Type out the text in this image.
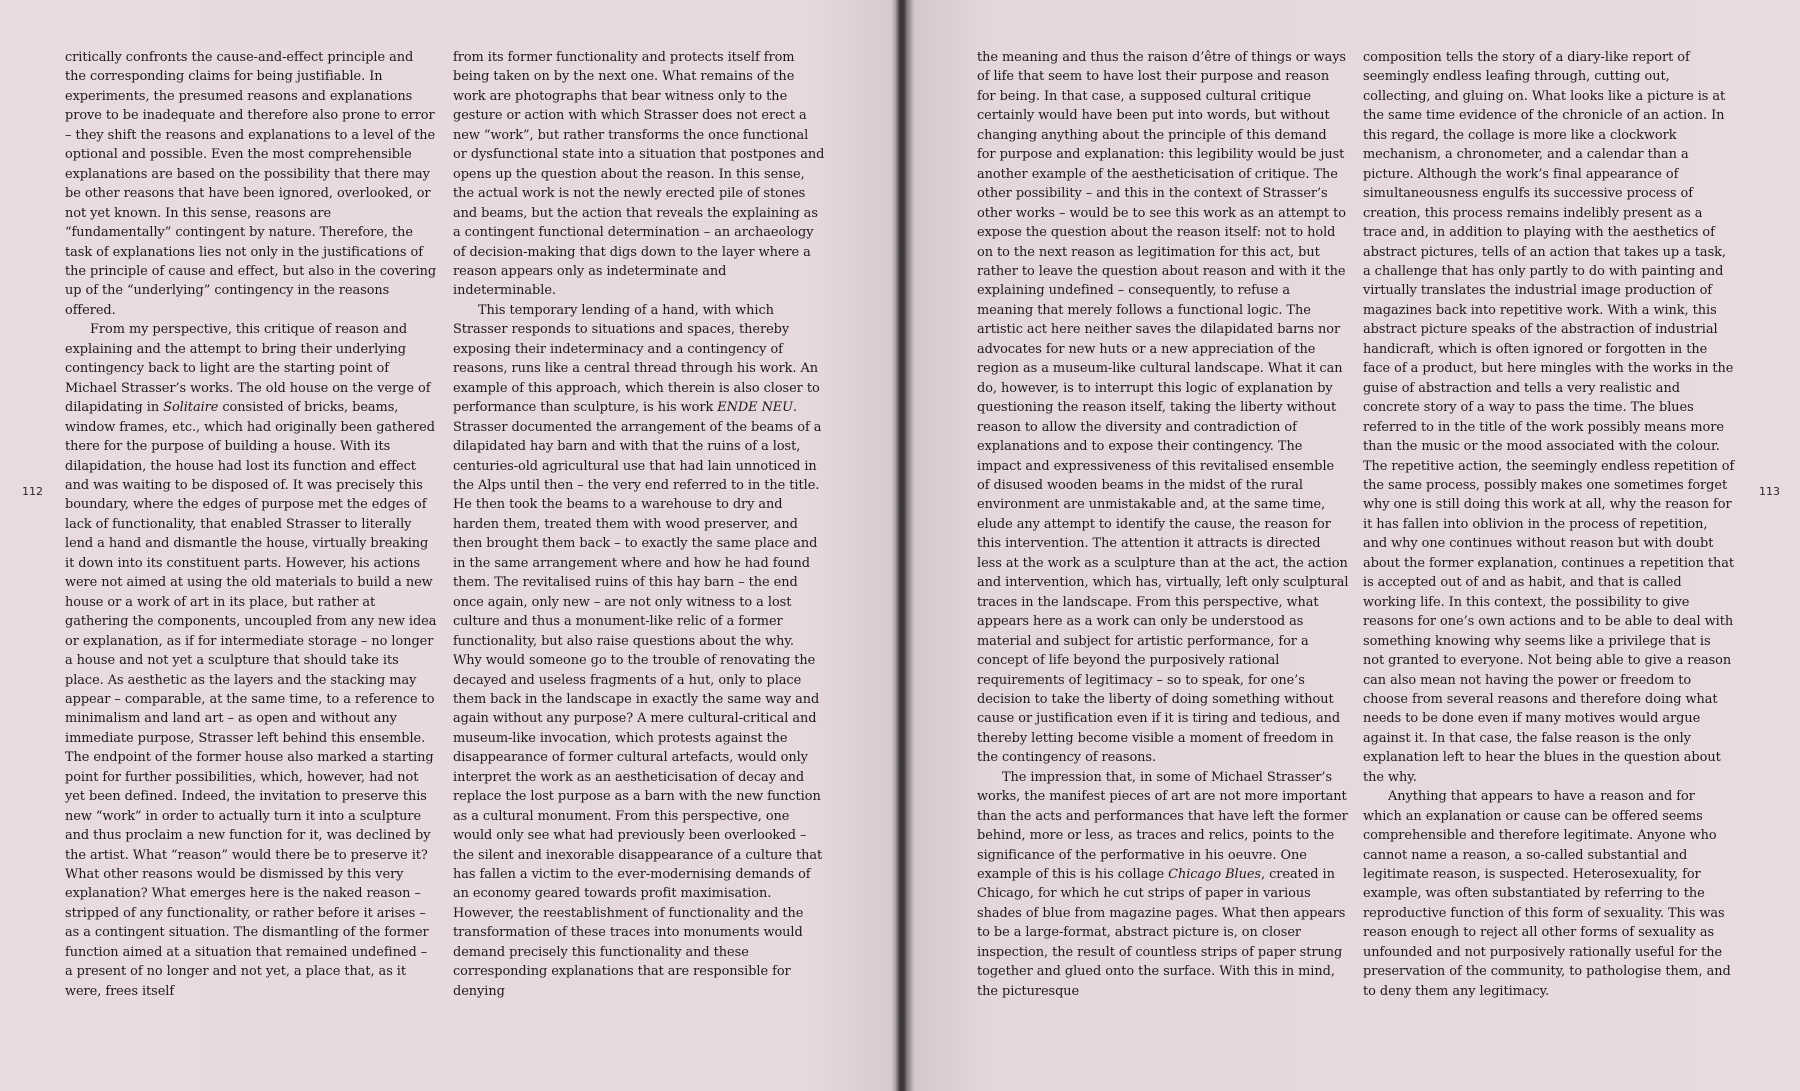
112

critically confronts the cause-and-effect principle and the corresponding claims for being justifiable. In experiments, the presumed reasons and explanations prove to be inadequate and therefore also prone to error – they shift the reasons and explanations to a level of the optional and possible. Even the most comprehensible explanations are based on the possibility that there may be other reasons that have been ignored, overlooked, or not yet known. In this sense, reasons are “fundamentally” contingent by nature. Therefore, the task of explanations lies not only in the justifications of the principle of cause and effect, but also in the covering up of the “underlying” contingency in the reasons offered.

From my perspective, this critique of reason and explaining and the attempt to bring their underlying contingency back to light are the starting point of Michael Strasser’s works. The old house on the verge of dilapidating in Solitaire consisted of bricks, beams, window frames, etc., which had originally been gathered there for the purpose of building a house. With its dilapidation, the house had lost its function and effect and was waiting to be disposed of. It was precisely this boundary, where the edges of purpose met the edges of lack of functionality, that enabled Strasser to literally lend a hand and dismantle the house, virtually breaking it down into its constituent parts. However, his actions were not aimed at using the old materials to build a new house or a work of art in its place, but rather at gathering the components, uncoupled from any new idea or explanation, as if for intermediate storage – no longer a house and not yet a sculpture that should take its place. As aesthetic as the layers and the stacking may appear – comparable, at the same time, to a reference to minimalism and land art – as open and without any immediate purpose, Strasser left behind this ensemble. The endpoint of the former house also marked a starting point for further possibilities, which, however, had not yet been defined. Indeed, the invitation to preserve this new “work” in order to actually turn it into a sculpture and thus proclaim a new function for it, was declined by the artist. What “reason” would there be to preserve it? What other reasons would be dismissed by this very explanation? What emerges here is the naked reason – stripped of any functionality, or rather before it arises – as a contingent situation. The dismantling of the former function aimed at a situation that remained undefined – a present of no longer and not yet, a place that, as it were, frees itself

from its former functionality and protects itself from being taken on by the next one. What remains of the work are photographs that bear witness only to the gesture or action with which Strasser does not erect a new “work”, but rather transforms the once functional or dysfunctional state into a situation that postpones and opens up the question about the reason. In this sense, the actual work is not the newly erected pile of stones and beams, but the action that reveals the explaining as a contingent functional determination – an archaeology of decision-making that digs down to the layer where a reason appears only as indeterminate and indeterminable.

This temporary lending of a hand, with which Strasser responds to situations and spaces, thereby exposing their indeterminacy and a contingency of reasons, runs like a central thread through his work. An example of this approach, which therein is also closer to performance than sculpture, is his work ENDE NEU. Strasser documented the arrangement of the beams of a dilapidated hay barn and with that the ruins of a lost, centuries-old agricultural use that had lain unnoticed in the Alps until then – the very end referred to in the title. He then took the beams to a warehouse to dry and harden them, treated them with wood preserver, and then brought them back – to exactly the same place and in the same arrangement where and how he had found them. The revitalised ruins of this hay barn – the end once again, only new – are not only witness to a lost culture and thus a monument-like relic of a former functionality, but also raise questions about the why. Why would someone go to the trouble of renovating the decayed and useless fragments of a hut, only to place them back in the landscape in exactly the same way and again without any purpose? A mere cultural-critical and museum-like invocation, which protests against the disappearance of former cultural artefacts, would only interpret the work as an aestheticisation of decay and replace the lost purpose as a barn with the new function as a cultural monument. From this perspective, one would only see what had previously been overlooked – the silent and inexorable disappearance of a culture that has fallen a victim to the ever-modernising demands of an economy geared towards profit maximisation. However, the reestablishment of functionality and the transformation of these traces into monuments would demand precisely this functionality and these corresponding explanations that are responsible for denying

the meaning and thus the raison d’être of things or ways of life that seem to have lost their purpose and reason for being. In that case, a supposed cultural critique certainly would have been put into words, but without changing anything about the principle of this demand for purpose and explanation: this legibility would be just another example of the aestheticisation of critique. The other possibility – and this in the context of Strasser’s other works – would be to see this work as an attempt to expose the question about the reason itself: not to hold on to the next reason as legitimation for this act, but rather to leave the question about reason and with it the explaining undefined – consequently, to refuse a meaning that merely follows a functional logic. The artistic act here neither saves the dilapidated barns nor advocates for new huts or a new appreciation of the region as a museum-like cultural landscape. What it can do, however, is to interrupt this logic of explanation by questioning the reason itself, taking the liberty without reason to allow the diversity and contradiction of explanations and to expose their contingency. The impact and expressiveness of this revitalised ensemble of disused wooden beams in the midst of the rural environment are unmistakable and, at the same time, elude any attempt to identify the cause, the reason for this intervention. The attention it attracts is directed less at the work as a sculpture than at the act, the action and intervention, which has, virtually, left only sculptural traces in the landscape. From this perspective, what appears here as a work can only be understood as material and subject for artistic performance, for a concept of life beyond the purposively rational requirements of legitimacy – so to speak, for one’s decision to take the liberty of doing something without cause or justification even if it is tiring and tedious, and thereby letting become visible a moment of freedom in the contingency of reasons.

The impression that, in some of Michael Strasser’s works, the manifest pieces of art are not more important than the acts and performances that have left the former behind, more or less, as traces and relics, points to the significance of the performative in his oeuvre. One example of this is his collage Chicago Blues, created in Chicago, for which he cut strips of paper in various shades of blue from magazine pages. What then appears to be a large-format, abstract picture is, on closer inspection, the result of countless strips of paper strung together and glued onto the surface. With this in mind, the picturesque

composition tells the story of a diary-like report of seemingly endless leafing through, cutting out, collecting, and gluing on. What looks like a picture is at the same time evidence of the chronicle of an action. In this regard, the collage is more like a clockwork mechanism, a chronometer, and a calendar than a picture. Although the work’s final appearance of simultaneousness engulfs its successive process of creation, this process remains indelibly present as a trace and, in addition to playing with the aesthetics of abstract pictures, tells of an action that takes up a task, a challenge that has only partly to do with painting and virtually translates the industrial image production of magazines back into repetitive work. With a wink, this abstract picture speaks of the abstraction of industrial handicraft, which is often ignored or forgotten in the face of a product, but here mingles with the works in the guise of abstraction and tells a very realistic and concrete story of a way to pass the time. The blues referred to in the title of the work possibly means more than the music or the mood associated with the colour. The repetitive action, the seemingly endless repetition of the same process, possibly makes one sometimes forget why one is still doing this work at all, why the reason for it has fallen into oblivion in the process of repetition, and why one continues without reason but with doubt about the former explanation, continues a repetition that is accepted out of and as habit, and that is called working life. In this context, the possibility to give reasons for one’s own actions and to be able to deal with something knowing why seems like a privilege that is not granted to everyone. Not being able to give a reason can also mean not having the power or freedom to choose from several reasons and therefore doing what needs to be done even if many motives would argue against it. In that case, the false reason is the only explanation left to hear the blues in the question about the why.

Anything that appears to have a reason and for which an explanation or cause can be offered seems comprehensible and therefore legitimate. Anyone who cannot name a reason, a so-called substantial and legitimate reason, is suspected. Heterosexuality, for example, was often substantiated by referring to the reproductive function of this form of sexuality. This was reason enough to reject all other forms of sexuality as unfounded and not purposively rationally useful for the preservation of the community, to pathologise them, and to deny them any legitimacy.

113
